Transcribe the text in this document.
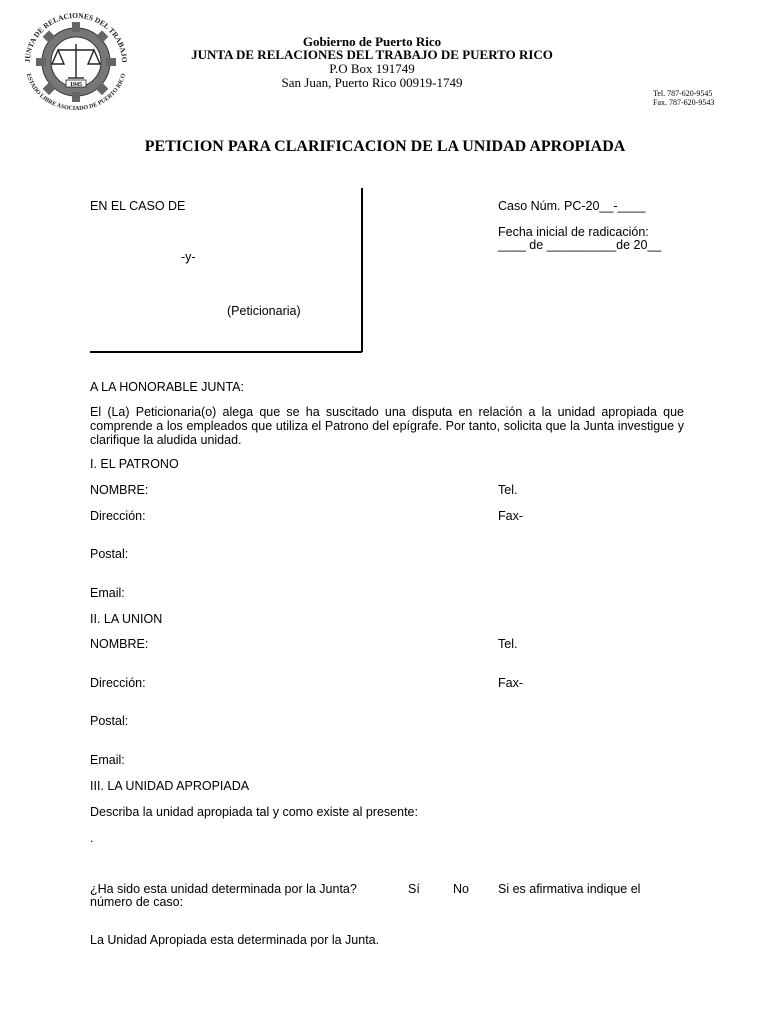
1945
JUNTA DE RELACIONES DEL TRABAJO
ESTADO LIBRE ASOCIADO DE PUERTO RICO
Gobierno de Puerto Rico
JUNTA DE RELACIONES DEL TRABAJO DE PUERTO RICO
P.O Box 191749
San Juan, Puerto Rico 00919-1749
Tel. 787-620-9545
Fax. 787-620-9543
PETICION PARA CLARIFICACION DE LA UNIDAD APROPIADA
EN EL CASO DE
-y-
(Peticionaria)
Caso Núm. PC-20__-____
Fecha inicial de radicación:
____ de __________de 20__
A LA HONORABLE JUNTA:
El (La) Peticionaria(o) alega que se ha suscitado una disputa en relación a la unidad apropiada que comprende a los empleados que utiliza el Patrono del epígrafe. Por tanto, solicita que la Junta investigue y clarifique la aludida unidad.
I. EL PATRONO
NOMBRE:	Tel.
Dirección:	Fax-
Postal:
Email:
II. LA UNION
NOMBRE:	Tel.
Dirección:	Fax-
Postal:
Email:
III. LA UNIDAD APROPIADA
Describa la unidad apropiada tal y como existe al presente:
.
¿Ha sido esta unidad determinada por la Junta?	Sí	No Si es afirmativa indique el
número de caso:
La Unidad Apropiada esta determinada por la Junta.
